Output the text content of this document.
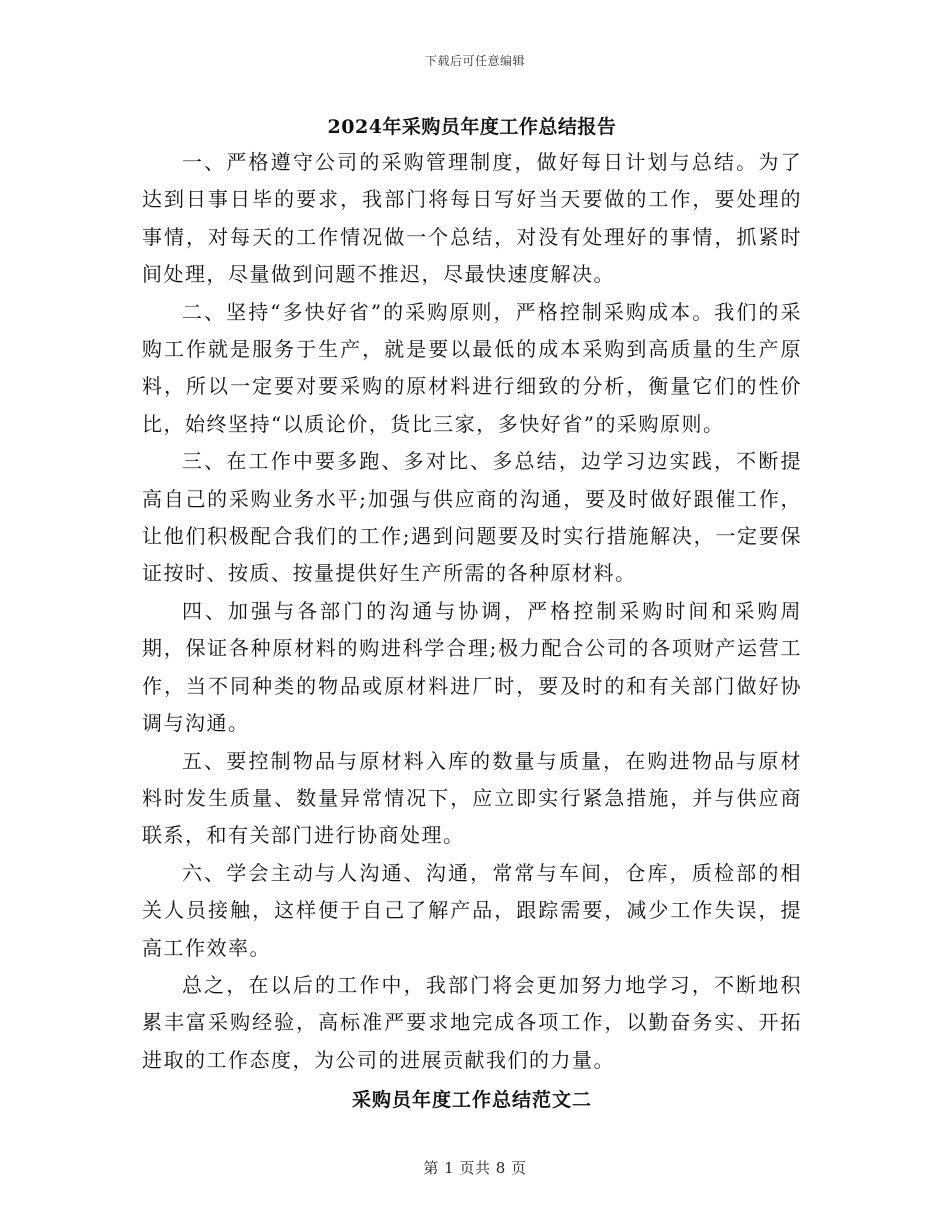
下载后可任意编辑
2024年采购员年度工作总结报告

一、严格遵守公司的采购管理制度，做好每日计划与总结。为了达到日事日毕的要求，我部门将每日写好当天要做的工作，要处理的事情，对每天的工作情况做一个总结，对没有处理好的事情，抓紧时间处理，尽量做到问题不推迟，尽最快速度解决。

二、坚持“多快好省”的采购原则，严格控制采购成本。我们的采购工作就是服务于生产，就是要以最低的成本采购到高质量的生产原料，所以一定要对要采购的原材料进行细致的分析，衡量它们的性价比，始终坚持“以质论价，货比三家，多快好省”的采购原则。

三、在工作中要多跑、多对比、多总结，边学习边实践，不断提高自己的采购业务水平;加强与供应商的沟通，要及时做好跟催工作，让他们积极配合我们的工作;遇到问题要及时实行措施解决，一定要保证按时、按质、按量提供好生产所需的各种原材料。

四、加强与各部门的沟通与协调，严格控制采购时间和采购周期，保证各种原材料的购进科学合理;极力配合公司的各项财产运营工作，当不同种类的物品或原材料进厂时，要及时的和有关部门做好协调与沟通。

五、要控制物品与原材料入库的数量与质量，在购进物品与原材料时发生质量、数量异常情况下，应立即实行紧急措施，并与供应商联系，和有关部门进行协商处理。

六、学会主动与人沟通、沟通，常常与车间，仓库，质检部的相关人员接触，这样便于自己了解产品，跟踪需要，减少工作失误，提高工作效率。

总之，在以后的工作中，我部门将会更加努力地学习，不断地积累丰富采购经验，高标准严要求地完成各项工作，以勤奋务实、开拓进取的工作态度，为公司的进展贡献我们的力量。

采购员年度工作总结范文二
第 1 页共 8 页
